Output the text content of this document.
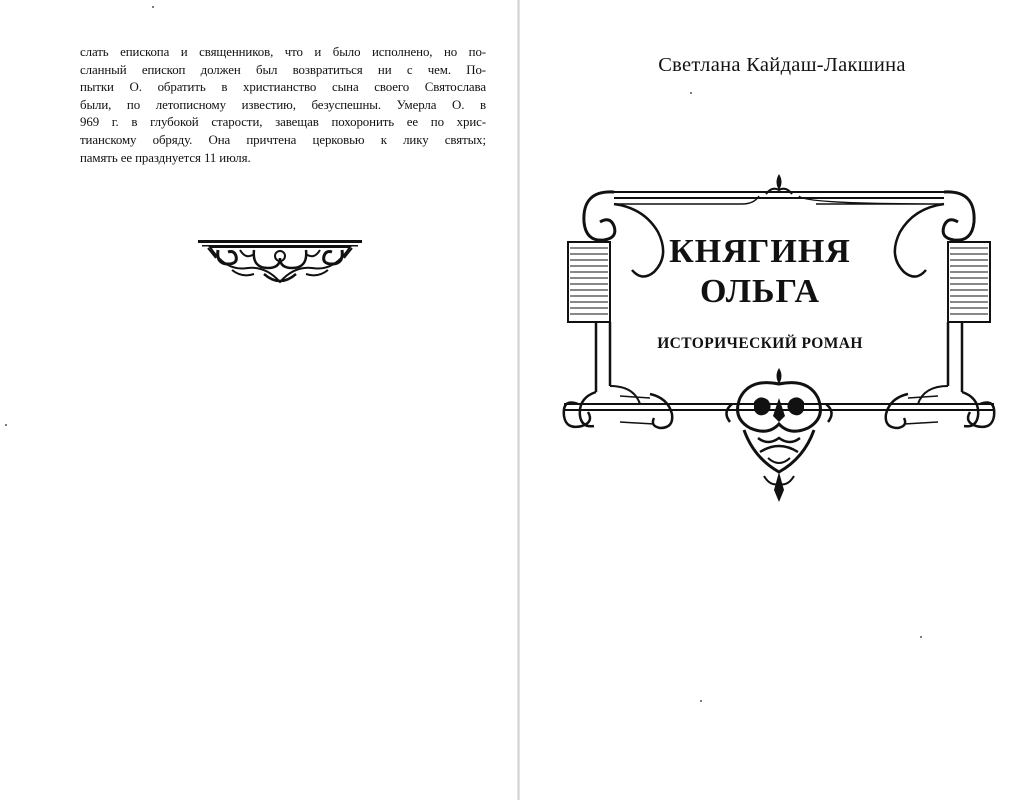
слать епископа и священников, что и было исполнено, но по-
сланный епископ должен был возвратиться ни с чем. По-
пытки О. обратить в христианство сына своего Святослава
были, по летописному известию, безуспешны. Умерла О. в
969 г. в глубокой старости, завещав похоронить ее по хрис-
тианскому обряду. Она причтена церковью к лику святых;
память ее празднуется 11 июля.

Светлана Кайдаш-Лакшина

КНЯГИНЯ
ОЛЬГА

ИСТОРИЧЕСКИЙ РОМАН
